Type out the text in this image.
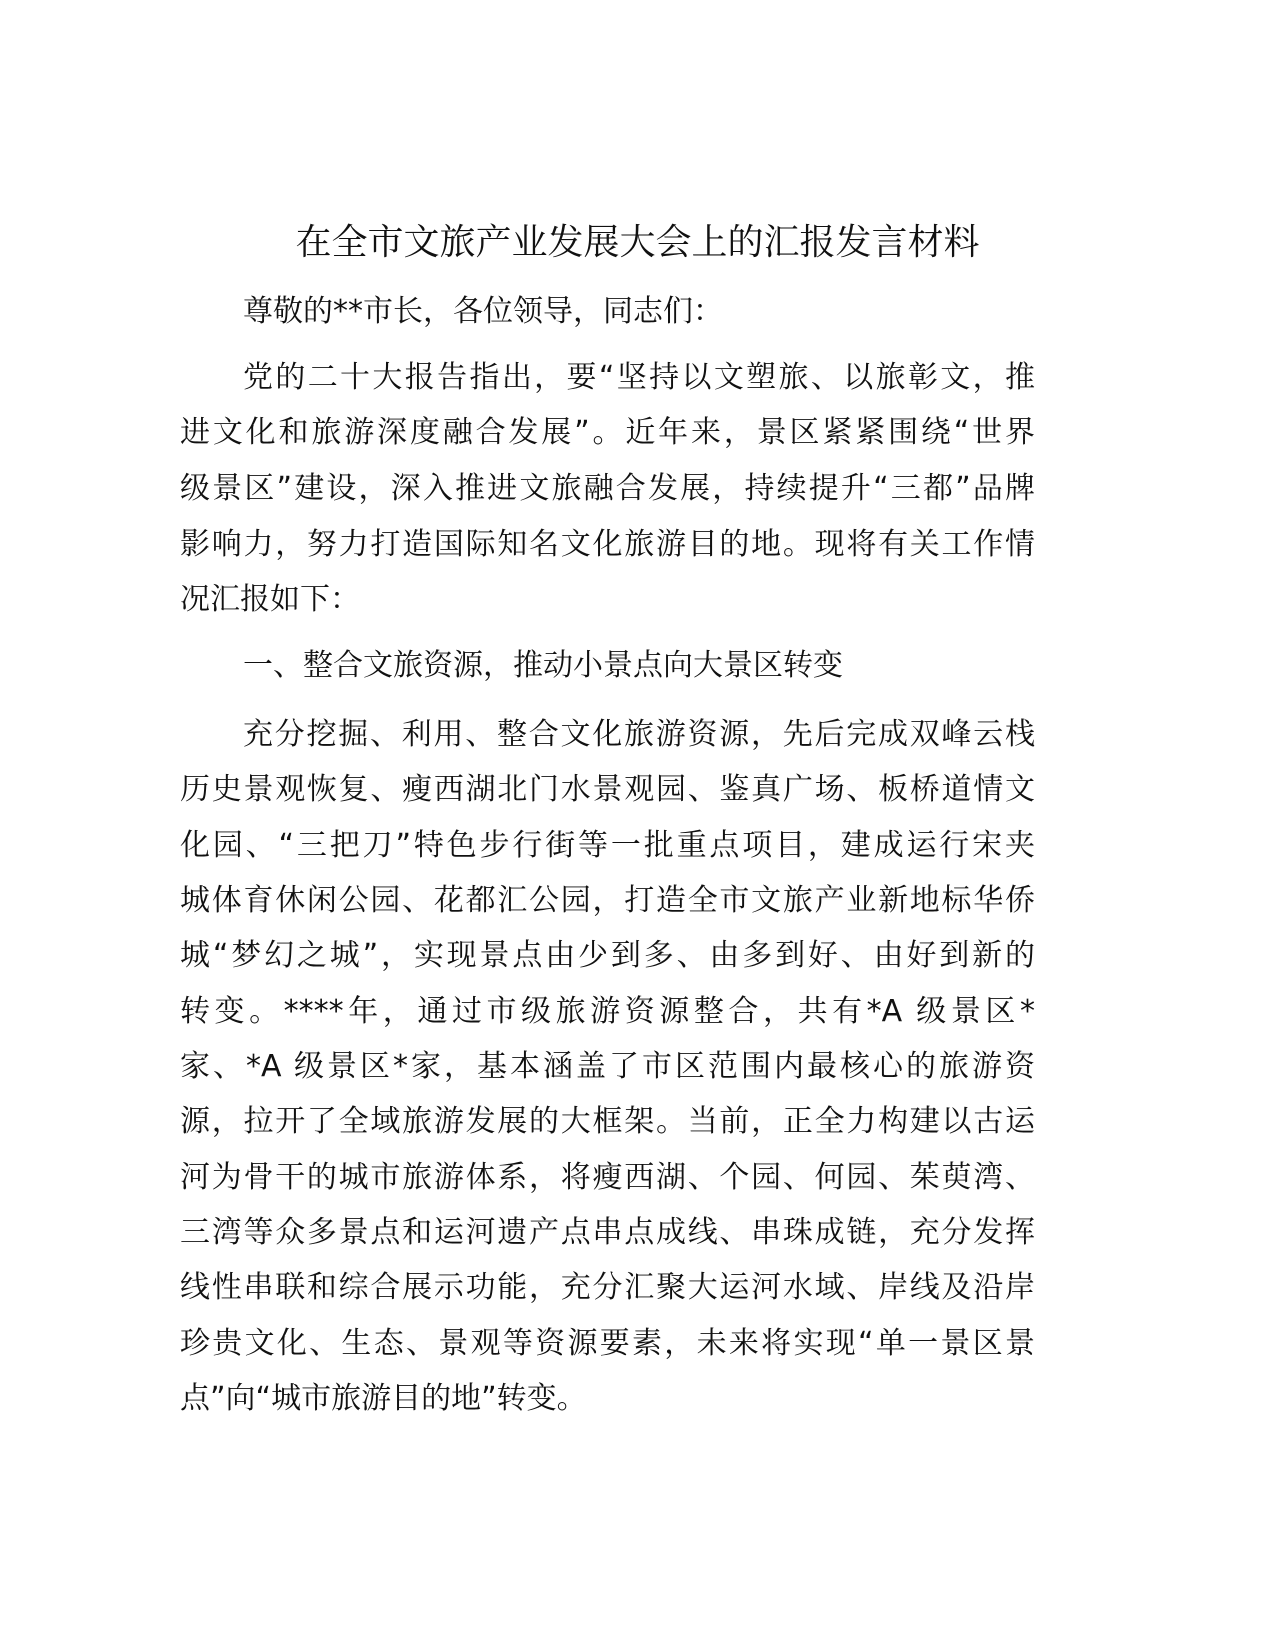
在全市文旅产业发展大会上的汇报发言材料
尊敬的**市长，各位领导，同志们：
党的二十大报告指出，要“坚持以文塑旅、以旅彰文，推
进文化和旅游深度融合发展”。近年来，景区紧紧围绕“世界
级景区”建设，深入推进文旅融合发展，持续提升“三都”品牌
影响力，努力打造国际知名文化旅游目的地。现将有关工作情
况汇报如下：
一、整合文旅资源，推动小景点向大景区转变
充分挖掘、利用、整合文化旅游资源，先后完成双峰云栈
历史景观恢复、瘦西湖北门水景观园、鉴真广场、板桥道情文
化园、“三把刀”特色步行街等一批重点项目，建成运行宋夹
城体育休闲公园、花都汇公园，打造全市文旅产业新地标华侨
城“梦幻之城”，实现景点由少到多、由多到好、由好到新的
转变。****年，通过市级旅游资源整合，共有*A 级景区*
家、*A 级景区*家，基本涵盖了市区范围内最核心的旅游资
源，拉开了全域旅游发展的大框架。当前，正全力构建以古运
河为骨干的城市旅游体系，将瘦西湖、个园、何园、茱萸湾、
三湾等众多景点和运河遗产点串点成线、串珠成链，充分发挥
线性串联和综合展示功能，充分汇聚大运河水域、岸线及沿岸
珍贵文化、生态、景观等资源要素，未来将实现“单一景区景
点”向“城市旅游目的地”转变。
